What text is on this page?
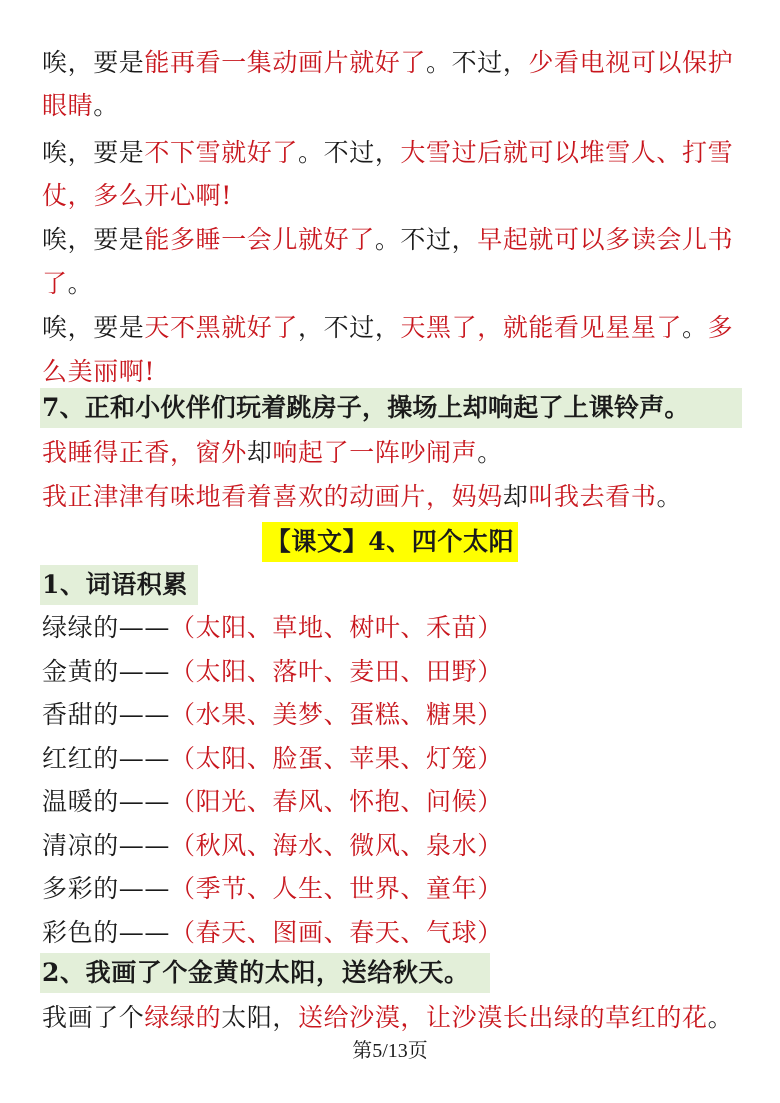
唉，要是能再看一集动画片就好了。不过，少看电视可以保护
眼睛。
唉，要是不下雪就好了。不过，大雪过后就可以堆雪人、打雪
仗，多么开心啊!
唉，要是能多睡一会儿就好了。不过，早起就可以多读会儿书
了。
唉，要是天不黑就好了，不过，天黑了，就能看见星星了。多
么美丽啊!
7、正和小伙伴们玩着跳房子，操场上却响起了上课铃声。
我睡得正香，窗外却响起了一阵吵闹声。
我正津津有味地看着喜欢的动画片，妈妈却叫我去看书。
【课文】4、四个太阳
1、词语积累
绿绿的——（太阳、草地、树叶、禾苗）
金黄的——（太阳、落叶、麦田、田野）
香甜的——（水果、美梦、蛋糕、糖果）
红红的——（太阳、脸蛋、苹果、灯笼）
温暖的——（阳光、春风、怀抱、问候）
清凉的——（秋风、海水、微风、泉水）
多彩的——（季节、人生、世界、童年）
彩色的——（春天、图画、春天、气球）
2、我画了个金黄的太阳，送给秋天。
我画了个绿绿的太阳，送给沙漠，让沙漠长出绿的草红的花。
第5/13页
